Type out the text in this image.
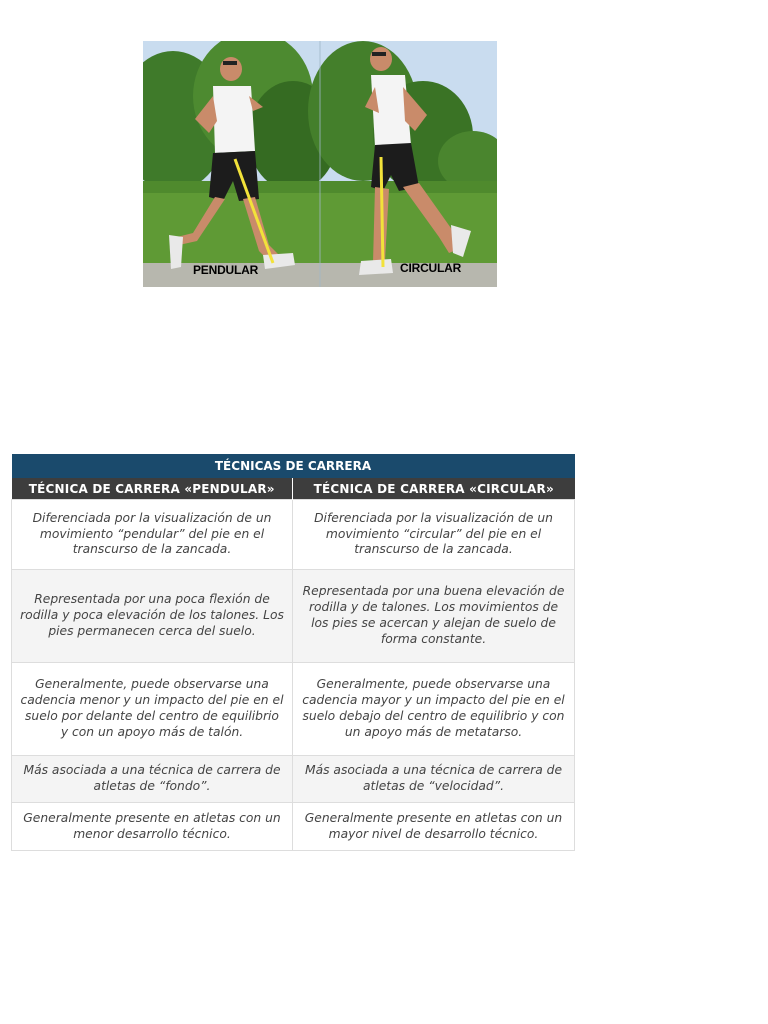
PENDULAR	CIRCULAR
TÉCNICAS DE CARRERA	
TÉCNICA DE CARRERA «PENDULAR»	TÉCNICA DE CARRERA «CIRCULAR»
Diferenciada por la visualización de un movimiento “pendular” del pie en el transcurso de la zancada.	Diferenciada por la visualización de un movimiento “circular” del pie en el transcurso de la zancada.
Representada por una poca flexión de rodilla y poca elevación de los talones. Los pies permanecen cerca del suelo.	Representada por una buena elevación de rodilla y de talones. Los movimientos de los pies se acercan y alejan de suelo de forma constante.
Generalmente, puede observarse una cadencia menor y un impacto del pie en el suelo por delante del centro de equilibrio y con un apoyo más de talón.	Generalmente, puede observarse una cadencia mayor y un impacto del pie en el suelo debajo del centro de equilibrio y con un apoyo más de metatarso.
Más asociada a una técnica de carrera de atletas de “fondo”.	Más asociada a una técnica de carrera de atletas de “velocidad”.
Generalmente presente en atletas con un menor desarrollo técnico.	Generalmente presente en atletas con un mayor nivel de desarrollo técnico.
